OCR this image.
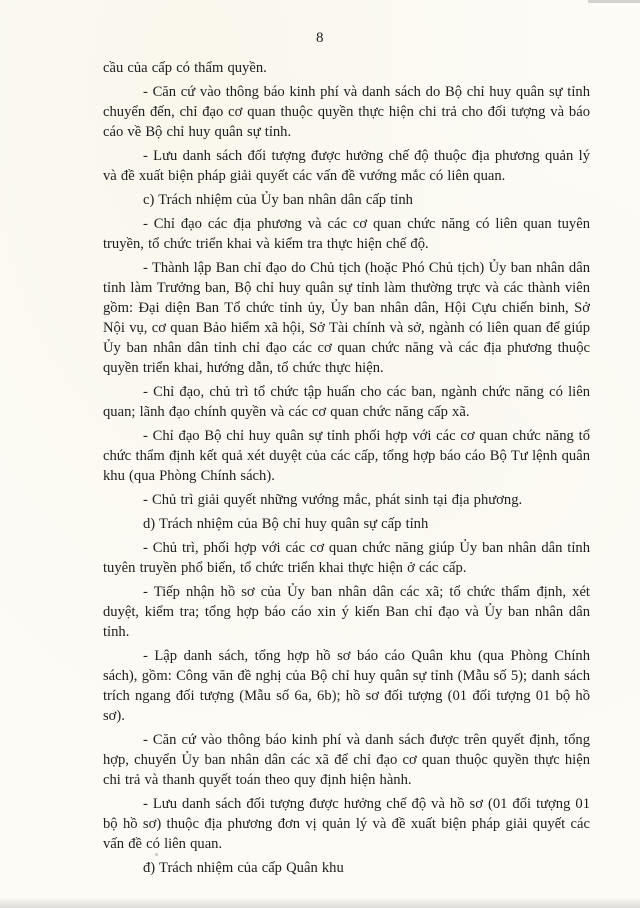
8

cầu của cấp có thẩm quyền.

- Căn cứ vào thông báo kinh phí và danh sách do Bộ chỉ huy quân sự tỉnh chuyển đến, chỉ đạo cơ quan thuộc quyền thực hiện chi trả cho đối tượng và báo cáo về Bộ chỉ huy quân sự tỉnh.

- Lưu danh sách đối tượng được hưởng chế độ thuộc địa phương quản lý và đề xuất biện pháp giải quyết các vấn đề vướng mắc có liên quan.

c) Trách nhiệm của Ủy ban nhân dân cấp tỉnh

- Chỉ đạo các địa phương và các cơ quan chức năng có liên quan tuyên truyền, tổ chức triển khai và kiểm tra thực hiện chế độ.

- Thành lập Ban chỉ đạo do Chủ tịch (hoặc Phó Chủ tịch) Ủy ban nhân dân tỉnh làm Trưởng ban, Bộ chỉ huy quân sự tỉnh làm thường trực và các thành viên gồm: Đại diện Ban Tổ chức tỉnh ủy, Ủy ban nhân dân, Hội Cựu chiến binh, Sở Nội vụ, cơ quan Bảo hiểm xã hội, Sở Tài chính và sở, ngành có liên quan để giúp Ủy ban nhân dân tỉnh chỉ đạo các cơ quan chức năng và các địa phương thuộc quyền triển khai, hướng dẫn, tổ chức thực hiện.

- Chỉ đạo, chủ trì tổ chức tập huấn cho các ban, ngành chức năng có liên quan; lãnh đạo chính quyền và các cơ quan chức năng cấp xã.

- Chỉ đạo Bộ chỉ huy quân sự tỉnh phối hợp với các cơ quan chức năng tổ chức thẩm định kết quả xét duyệt của các cấp, tổng hợp báo cáo Bộ Tư lệnh quân khu (qua Phòng Chính sách).

- Chủ trì giải quyết những vướng mắc, phát sinh tại địa phương.

d) Trách nhiệm của Bộ chỉ huy quân sự cấp tỉnh

- Chủ trì, phối hợp với các cơ quan chức năng giúp Ủy ban nhân dân tỉnh tuyên truyền phổ biến, tổ chức triển khai thực hiện ở các cấp.

- Tiếp nhận hồ sơ của Ủy ban nhân dân các xã; tổ chức thẩm định, xét duyệt, kiểm tra; tổng hợp báo cáo xin ý kiến Ban chỉ đạo và Ủy ban nhân dân tỉnh.

- Lập danh sách, tổng hợp hồ sơ báo cáo Quân khu (qua Phòng Chính sách), gồm: Công văn đề nghị của Bộ chỉ huy quân sự tỉnh (Mẫu số 5); danh sách trích ngang đối tượng (Mẫu số 6a, 6b); hồ sơ đối tượng (01 đối tượng 01 bộ hồ sơ).

- Căn cứ vào thông báo kinh phí và danh sách được trên quyết định, tổng hợp, chuyển Ủy ban nhân dân các xã để chỉ đạo cơ quan thuộc quyền thực hiện chi trả và thanh quyết toán theo quy định hiện hành.

- Lưu danh sách đối tượng được hưởng chế độ và hồ sơ (01 đối tượng 01 bộ hồ sơ) thuộc địa phương đơn vị quản lý và đề xuất biện pháp giải quyết các vấn đề có liên quan.

đ) Trách nhiệm của cấp Quân khu
